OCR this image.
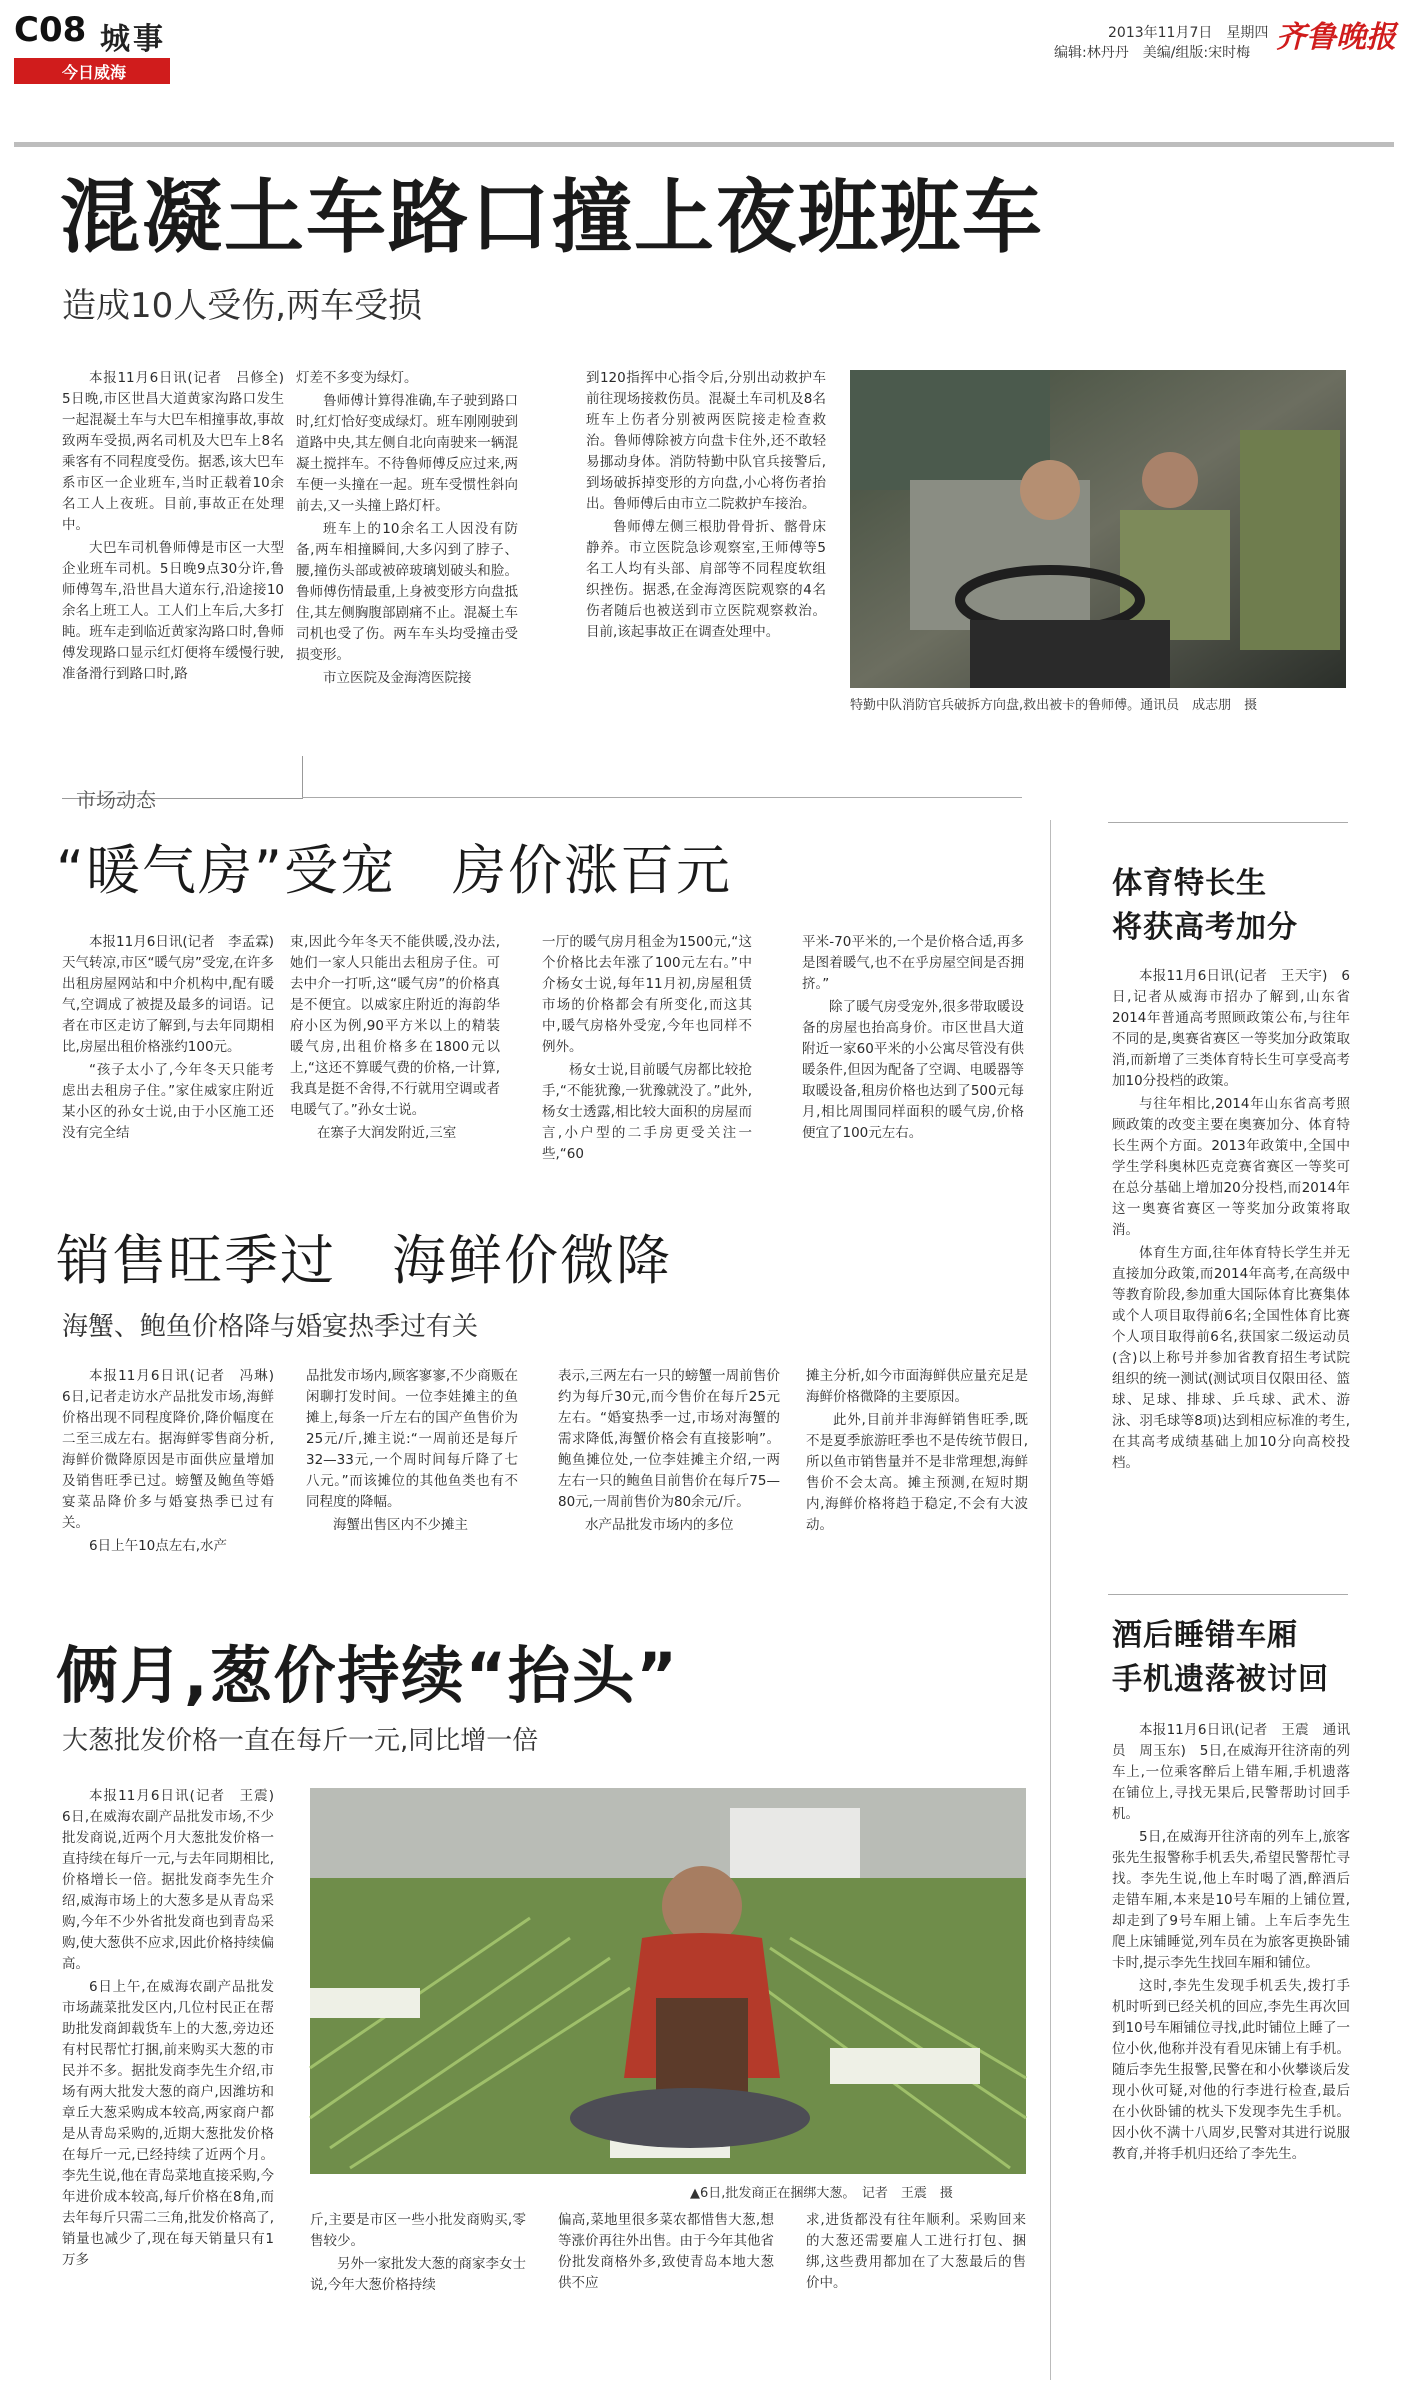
C08 城事
今日威海
2013年11月7日　星期四
编辑:林丹丹　美编/组版:宋时梅 齐鲁晚报
混凝土车路口撞上夜班班车
造成10人受伤,两车受损

本报11月6日讯(记者　吕修全)　5日晚,市区世昌大道黄家沟路口发生一起混凝土车与大巴车相撞事故,事故致两车受损,两名司机及大巴车上8名乘客有不同程度受伤。据悉,该大巴车系市区一企业班车,当时正载着10余名工人上夜班。目前,事故正在处理中。

大巴车司机鲁师傅是市区一大型企业班车司机。5日晚9点30分许,鲁师傅驾车,沿世昌大道东行,沿途接10余名上班工人。工人们上车后,大多打盹。班车走到临近黄家沟路口时,鲁师傅发现路口显示红灯便将车缓慢行驶,准备滑行到路口时,路

灯差不多变为绿灯。

鲁师傅计算得准确,车子驶到路口时,红灯恰好变成绿灯。班车刚刚驶到道路中央,其左侧自北向南驶来一辆混凝土搅拌车。不待鲁师傅反应过来,两车便一头撞在一起。班车受惯性斜向前去,又一头撞上路灯杆。

班车上的10余名工人因没有防备,两车相撞瞬间,大多闪到了脖子、腰,撞伤头部或被碎玻璃划破头和脸。鲁师傅伤情最重,上身被变形方向盘抵住,其左侧胸腹部剧痛不止。混凝土车司机也受了伤。两车车头均受撞击受损变形。

市立医院及金海湾医院接

到120指挥中心指令后,分别出动救护车前往现场接救伤员。混凝土车司机及8名班车上伤者分别被两医院接走检查救治。鲁师傅除被方向盘卡住外,还不敢轻易挪动身体。消防特勤中队官兵接警后,到场破拆掉变形的方向盘,小心将伤者抬出。鲁师傅后由市立二院救护车接治。

鲁师傅左侧三根肋骨骨折、髂骨床静养。市立医院急诊观察室,王师傅等5名工人均有头部、肩部等不同程度软组织挫伤。据悉,在金海湾医院观察的4名伤者随后也被送到市立医院观察救治。目前,该起事故正在调查处理中。

特勤中队消防官兵破拆方向盘,救出被卡的鲁师傅。通讯员　成志朋　摄
市场动态
“暖气房”受宠　房价涨百元

本报11月6日讯(记者　李孟霖)　天气转凉,市区“暖气房”受宠,在许多出租房屋网站和中介机构中,配有暖气,空调成了被提及最多的词语。记者在市区走访了解到,与去年同期相比,房屋出租价格涨约100元。

“孩子太小了,今年冬天只能考虑出去租房子住。”家住威家庄附近某小区的孙女士说,由于小区施工还没有完全结

束,因此今年冬天不能供暖,没办法,她们一家人只能出去租房子住。可去中介一打听,这“暖气房”的价格真是不便宜。以威家庄附近的海韵华府小区为例,90平方米以上的精装暖气房,出租价格多在1800元以上,“这还不算暖气费的价格,一计算,我真是挺不舍得,不行就用空调或者电暖气了。”孙女士说。

在寨子大润发附近,三室

一厅的暖气房月租金为1500元,“这个价格比去年涨了100元左右。”中介杨女士说,每年11月初,房屋租赁市场的价格都会有所变化,而这其中,暖气房格外受宠,今年也同样不例外。

杨女士说,目前暖气房都比较抢手,“不能犹豫,一犹豫就没了。”此外,杨女士透露,相比较大面积的房屋而言,小户型的二手房更受关注一些,“60

平米-70平米的,一个是价格合适,再多是图着暖气,也不在乎房屋空间是否拥挤。”

除了暖气房受宠外,很多带取暖设备的房屋也抬高身价。市区世昌大道附近一家60平米的小公寓尽管没有供暖条件,但因为配备了空调、电暖器等取暖设备,租房价格也达到了500元每月,相比周围同样面积的暖气房,价格便宜了100元左右。

销售旺季过　海鲜价微降
海蟹、鲍鱼价格降与婚宴热季过有关

本报11月6日讯(记者　冯琳)　6日,记者走访水产品批发市场,海鲜价格出现不同程度降价,降价幅度在二至三成左右。据海鲜零售商分析,海鲜价微降原因是市面供应量增加及销售旺季已过。螃蟹及鲍鱼等婚宴菜品降价多与婚宴热季已过有关。

6日上午10点左右,水产

品批发市场内,顾客寥寥,不少商贩在闲聊打发时间。一位李娃摊主的鱼摊上,每条一斤左右的国产鱼售价为25元/斤,摊主说:“一周前还是每斤32—33元,一个周时间每斤降了七八元。”而该摊位的其他鱼类也有不同程度的降幅。

海蟹出售区内不少摊主

表示,三两左右一只的螃蟹一周前售价约为每斤30元,而今售价在每斤25元左右。“婚宴热季一过,市场对海蟹的需求降低,海蟹价格会有直接影响”。鲍鱼摊位处,一位李娃摊主介绍,一两左右一只的鲍鱼目前售价在每斤75—80元,一周前售价为80余元/斤。

水产品批发市场内的多位

摊主分析,如今市面海鲜供应量充足是海鲜价格微降的主要原因。

此外,目前并非海鲜销售旺季,既不是夏季旅游旺季也不是传统节假日,所以鱼市销售量并不是非常理想,海鲜售价不会太高。摊主预测,在短时期内,海鲜价格将趋于稳定,不会有大波动。

俩月,葱价持续“抬头”
大葱批发价格一直在每斤一元,同比增一倍

本报11月6日讯(记者　王震)　6日,在威海农副产品批发市场,不少批发商说,近两个月大葱批发价格一直持续在每斤一元,与去年同期相比,价格增长一倍。据批发商李先生介绍,威海市场上的大葱多是从青岛采购,今年不少外省批发商也到青岛采购,使大葱供不应求,因此价格持续偏高。

6日上午,在威海农副产品批发市场蔬菜批发区内,几位村民正在帮助批发商卸载货车上的大葱,旁边还有村民帮忙打捆,前来购买大葱的市民并不多。据批发商李先生介绍,市场有两大批发大葱的商户,因潍坊和章丘大葱采购成本较高,两家商户都是从青岛采购的,近期大葱批发价格在每斤一元,已经持续了近两个月。李先生说,他在青岛菜地直接采购,今年进价成本较高,每斤价格在8角,而去年每斤只需二三角,批发价格高了,销量也减少了,现在每天销量只有1万多

▲6日,批发商正在捆绑大葱。　记者　王震　摄

斤,主要是市区一些小批发商购买,零售较少。

另外一家批发大葱的商家李女士说,今年大葱价格持续

偏高,菜地里很多菜农都惜售大葱,想等涨价再往外出售。由于今年其他省份批发商格外多,致使青岛本地大葱供不应

求,进货都没有往年顺利。采购回来的大葱还需要雇人工进行打包、捆绑,这些费用都加在了大葱最后的售价中。

体育特长生
将获高考加分

本报11月6日讯(记者　王天宇)　6日,记者从威海市招办了解到,山东省2014年普通高考照顾政策公布,与往年不同的是,奥赛省赛区一等奖加分政策取消,而新增了三类体育特长生可享受高考加10分投档的政策。

与往年相比,2014年山东省高考照顾政策的改变主要在奥赛加分、体育特长生两个方面。2013年政策中,全国中学生学科奥林匹克竞赛省赛区一等奖可在总分基础上增加20分投档,而2014年这一奥赛省赛区一等奖加分政策将取消。

体育生方面,往年体育特长学生并无直接加分政策,而2014年高考,在高级中等教育阶段,参加重大国际体育比赛集体或个人项目取得前6名;全国性体育比赛个人项目取得前6名,获国家二级运动员(含)以上称号并参加省教育招生考试院组织的统一测试(测试项目仅限田径、篮球、足球、排球、乒乓球、武术、游泳、羽毛球等8项)达到相应标准的考生,在其高考成绩基础上加10分向高校投档。

酒后睡错车厢
手机遗落被讨回

本报11月6日讯(记者　王震　通讯员　周玉东)　5日,在威海开往济南的列车上,一位乘客醉后上错车厢,手机遗落在铺位上,寻找无果后,民警帮助讨回手机。

5日,在威海开往济南的列车上,旅客张先生报警称手机丢失,希望民警帮忙寻找。李先生说,他上车时喝了酒,醉酒后走错车厢,本来是10号车厢的上铺位置,却走到了9号车厢上铺。上车后李先生爬上床铺睡觉,列车员在为旅客更换卧铺卡时,提示李先生找回车厢和铺位。

这时,李先生发现手机丢失,拨打手机时听到已经关机的回应,李先生再次回到10号车厢铺位寻找,此时铺位上睡了一位小伙,他称并没有看见床铺上有手机。随后李先生报警,民警在和小伙攀谈后发现小伙可疑,对他的行李进行检查,最后在小伙卧铺的枕头下发现李先生手机。因小伙不满十八周岁,民警对其进行说服教育,并将手机归还给了李先生。
